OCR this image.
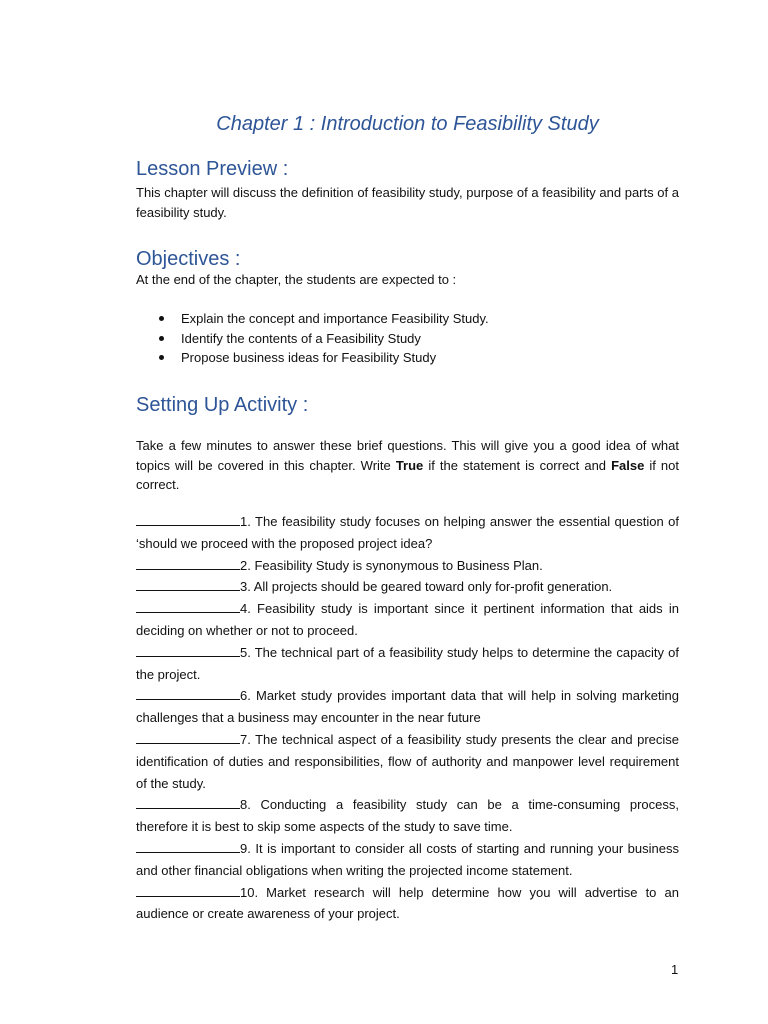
Chapter 1 : Introduction to Feasibility Study
Lesson Preview :

This chapter will discuss the definition of feasibility study, purpose of a feasibility and parts of a feasibility study.

Objectives :

At the end of the chapter, the students are expected to :

Explain the concept and importance Feasibility Study.
Identify the contents of a Feasibility Study
Propose business ideas for Feasibility Study
Setting Up Activity :

Take a few minutes to answer these brief questions. This will give you a good idea of what topics will be covered in this chapter. Write True if the statement is correct and False if not correct.

1. The feasibility study focuses on helping answer the essential question of ‘should we proceed with the proposed project idea?

2. Feasibility Study is synonymous to Business Plan.

3. All projects should be geared toward only for-profit generation.

4. Feasibility study is important since it pertinent information that aids in deciding on whether or not to proceed.

5. The technical part of a feasibility study helps to determine the capacity of the project.

6. Market study provides important data that will help in solving marketing challenges that a business may encounter in the near future

7. The technical aspect of a feasibility study presents the clear and precise identification of duties and responsibilities, flow of authority and manpower level requirement of the study.

8. Conducting a feasibility study can be a time-consuming process, therefore it is best to skip some aspects of the study to save time.

9. It is important to consider all costs of starting and running your business and other financial obligations when writing the projected income statement.

10. Market research will help determine how you will advertise to an audience or create awareness of your project.

1
